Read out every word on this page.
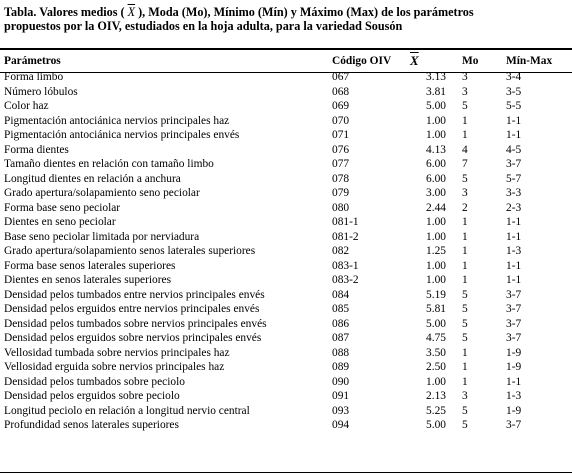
Tabla. Valores medios ( $\overline{X}$ ), Moda (Mo), Mínimo (Mín) y Máximo (Max) de los parámetros
propuestos por la OIV, estudiados en la hoja adulta, para la variedad Sousón
Parámetros	Código OIV	$\overline{X}$	Mo	Mín-Max
Forma limbo	067	3.13	3	3-4
Número lóbulos	068	3.81	3	3-5
Color haz	069	5.00	5	5-5
Pigmentación antociánica nervios principales haz	070	1.00	1	1-1
Pigmentación antociánica nervios principales envés	071	1.00	1	1-1
Forma dientes	076	4.13	4	4-5
Tamaño dientes en relación con tamaño limbo	077	6.00	7	3-7
Longitud dientes en relación a anchura	078	6.00	5	5-7
Grado apertura/solapamiento seno peciolar	079	3.00	3	3-3
Forma base seno peciolar	080	2.44	2	2-3
Dientes en seno peciolar	081-1	1.00	1	1-1
Base seno peciolar limitada por nerviadura	081-2	1.00	1	1-1
Grado apertura/solapamiento senos laterales superiores	082	1.25	1	1-3
Forma base senos laterales superiores	083-1	1.00	1	1-1
Dientes en senos laterales superiores	083-2	1.00	1	1-1
Densidad pelos tumbados entre nervios principales envés	084	5.19	5	3-7
Densidad pelos erguidos entre nervios principales envés	085	5.81	5	3-7
Densidad pelos tumbados sobre nervios principales envés	086	5.00	5	3-7
Densidad pelos erguidos sobre nervios principales envés	087	4.75	5	3-7
Vellosidad tumbada sobre nervios principales haz	088	3.50	1	1-9
Vellosidad erguida sobre nervios principales haz	089	2.50	1	1-9
Densidad pelos tumbados sobre peciolo	090	1.00	1	1-1
Densidad pelos erguidos sobre peciolo	091	2.13	3	1-3
Longitud peciolo en relación a longitud nervio central	093	5.25	5	1-9
Profundidad senos laterales superiores	094	5.00	5	3-7
